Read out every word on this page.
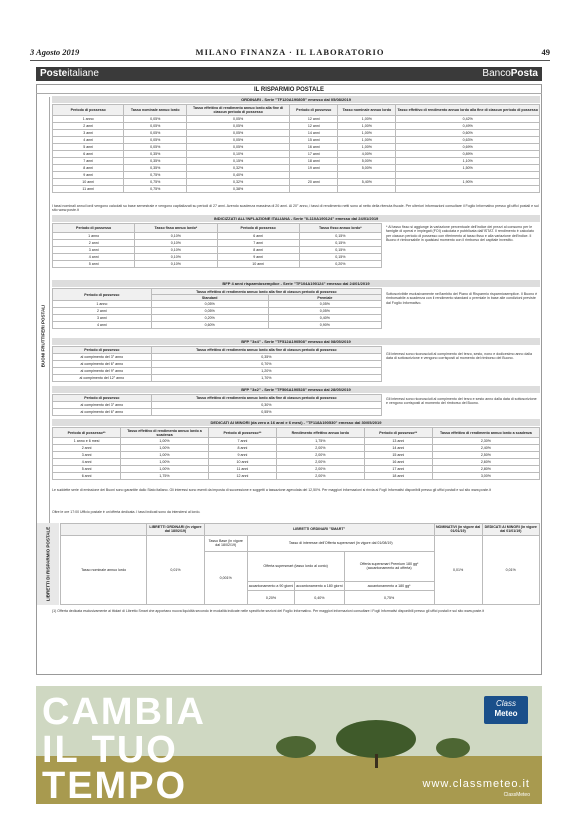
3 Agosto 2019	MILANO FINANZA · IL LABORATORIO	49
Posteitaliane	BancoPosta
IL RISPARMIO POSTALE
BUONI FRUTTIFERI POSTALI
ORDINARI - Serie "TF120A190805" emesso dal 05/08/2019
Periodo di possesso	Tasso nominale annuo lordo	Tasso effettivo di rendimento annuo lordo alla fine di ciascun periodo di possesso	Periodo di possesso	Tasso nominale annuo lordo	Tasso effettivo di rendimento annuo lordo alla fine di ciascun periodo di possesso
1 anno	0,05%	0,05%	12 anni	1,00%	0,42%
2 anni	0,05%	0,05%	12 anni	1,00%	0,49%
3 anni	0,05%	0,05%	14 anni	1,00%	0,60%
4 anni	0,05%	0,05%	15 anni	1,00%	0,63%
5 anni	0,05%	0,05%	16 anni	1,00%	0,69%
6 anni	0,35%	0,10%	17 anni	4,00%	0,89%
7 anni	0,35%	0,15%	18 anni	5,00%	1,10%
8 anni	0,35%	0,32%	19 anni	5,00%	1,50%
9 anni	0,75%	0,40%			
10 anni	0,75%	0,32%	20 anni	5,40%	1,90%
11 anni	0,75%	0,38%			
I tassi nominali annui lordi vengono calcolati su base semestrale e vengono capitalizzati su periodi di 27 anni. Avendo scadenza massima di 20 anni. Al 20° anno, i tassi di rendimento netti sono al netto della ritenuta fiscale. Per ulteriori informazioni consultare il Foglio Informativo presso gli uffici postali e sul sito www.poste.it
INDICIZZATI ALL'INFLAZIONE ITALIANA - Serie "IL110A190124" emesso dal 24/01/2019
Periodo di possesso	Tasso fisso annuo lordo*	Periodo di possesso	Tasso fisso annuo lordo*
1 anno	0,10%	6 anni	0,15%
2 anni	0,10%	7 anni	0,15%
3 anni	0,10%	8 anni	0,15%
4 anni	0,10%	9 anni	0,15%
5 anni	0,10%	10 anni	0,20%
* Al tasso fisso si aggiunge la variazione percentuale dell'indice dei prezzi al consumo per le famiglie di operai e impiegati (FOI) calcolata e pubblicata dall'ISTAT. Il rendimento è calcolato per ciascun periodo di possesso con riferimento al tasso fisso e alla variazione dell'indice. Il Buono è rimborsabile in qualsiasi momento con il rimborso del capitale investito.
BFP 4 anni risparmiosemplice - Serie "TF104A190124" emesso dal 24/01/2019
Periodo di possesso	Tasso effettivo di rendimento annuo lordo alla fine di ciascun periodo di possesso	
	Standard	Premiale
1 anno	0,05%	0,05%
2 anni	0,05%	0,05%
3 anni	0,20%	0,40%
4 anni	0,60%	0,90%
Sottoscrivibile esclusivamente nell'ambito del Piano di Risparmio risparmiosemplice. Il Buono è rimborsabile a scadenza con il rendimento standard o premiale in base alle condizioni previste dal Foglio Informativo.
BFP "3x4" - Serie "TF512A190508" emesso dal 08/05/2019
Periodo di possesso	Tasso effettivo di rendimento annuo lordo alla fine di ciascun periodo di possesso
al compimento del 3° anno	0,35%
al compimento del 6° anno	0,70%
al compimento del 9° anno	1,20%
al compimento del 12° anno	1,70%
Gli interessi sono riconosciuti al compimento del terzo, sesto, nono e dodicesimo anno dalla data di sottoscrizione e vengono corrisposti al momento del rimborso del Buono.
BFP "3x2" - Serie "TF506A190528" emesso dal 28/05/2019
Periodo di possesso	Tasso effettivo di rendimento annuo lordo alla fine di ciascun periodo di possesso
al compimento del 3° anno	0,30%
al compimento del 6° anno	0,55%
Gli interessi sono riconosciuti al compimento del terzo e sesto anno dalla data di sottoscrizione e vengono corrisposti al momento del rimborso del Buono.
DEDICATI AI MINORI (da zero a 16 anni e 6 mesi) - "TF118A190530" emesso dal 30/05/2019
Periodo di possesso**	Tasso effettivo di rendimento annuo lordo a scadenza	Periodo di possesso**	Rendimento effettivo annuo lordo	Periodo di possesso**	Tasso effettivo di rendimento annuo lordo a scadenza
1 anno e 6 mesi	1,00%	7 anni	1,75%	13 anni	2,30%
2 anni	1,00%	8 anni	2,00%	14 anni	2,40%
3 anni	1,00%	9 anni	2,00%	15 anni	2,50%
4 anni	1,00%	10 anni	2,00%	16 anni	2,60%
5 anni	1,00%	11 anni	2,00%	17 anni	2,80%
6 anni	1,75%	12 anni	2,00%	18 anni	3,00%
Le suddette serie di emissione dei Buoni sono garantite dallo Stato italiano. Gli interessi sono esenti da imposta di successione e soggetti a tassazione agevolata del 12,50%. Per maggiori informazioni si rinvia ai Fogli Informativi disponibili presso gli uffici postali e sul sito www.poste.it
Oltre le ore 17:00 Ufficio postale è un'offerta dedicata. I tassi indicati sono da intendersi al lordo.
LIBRETTI DI RISPARMIO POSTALE
		LIBRETTI ORDINARI (in vigore dal 18/02/19)	LIBRETTI ORDINARI "SMART"				NOMINATIVI (in vigore dal 01/01/19)	DEDICATI AI MINORI (in vigore dal 01/01/19)
Tasso nominale annuo lordo	0,01%	Tasso Base (in vigore dal 18/02/19)	Tasso di interesse dell'Offerta supersmart (in vigore dal 01/08/19)			0,01%	0,01%
		0,001%	Offerta supersmart (tasso lordo al conto)		Offerta supersmart Premium 180 gg* (accantonamento ad offerta)		
			accantonamento a 90 giorni	accantonamento a 180 giorni	accantonamento a 180 gg*		
			0,20%	0,40%	0,75%		
(1) Offerta dedicata esclusivamente ai titolari di Libretto Smart che apportano nuova liquidità secondo le modalità indicate nelle specifiche sezioni del Foglio Informativo. Per maggiori informazioni consultare i Fogli Informativi disponibili presso gli uffici postali e sul sito www.poste.it
CAMBIA
IL TUO
TEMPO
Class
Meteo
www.classmeteo.it
ClassMeteo
